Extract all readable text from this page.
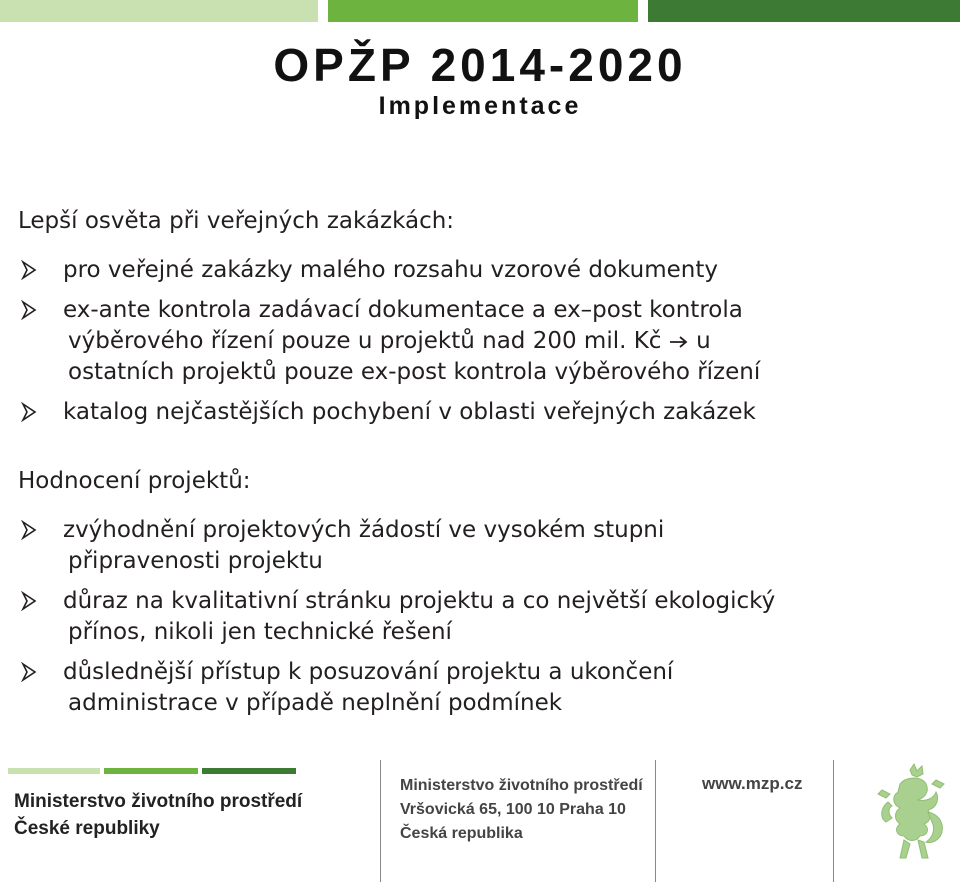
OPŽP 2014-2020
Implementace

Lepší osvěta při veřejných zakázkách:

pro veřejné zakázky malého rozsahu vzorové dokumenty
ex-ante kontrola zadávací dokumentace a ex–post kontrola
výběrového řízení pouze u projektů nad 200 mil. Kč u
ostatních projektů pouze ex-post kontrola výběrového řízení
katalog nejčastějších pochybení v oblasti veřejných zakázek

Hodnocení projektů:

zvýhodnění projektových žádostí ve vysokém stupni
připravenosti projektu
důraz na kvalitativní stránku projektu a co největší ekologický
přínos, nikoli jen technické řešení
důslednější přístup k posuzování projektu a ukončení
administrace v případě neplnění podmínek
Ministerstvo životního prostředí
České republiky
Ministerstvo životního prostředí
Vršovická 65, 100 10 Praha 10
Česká republika
www.mzp.cz
